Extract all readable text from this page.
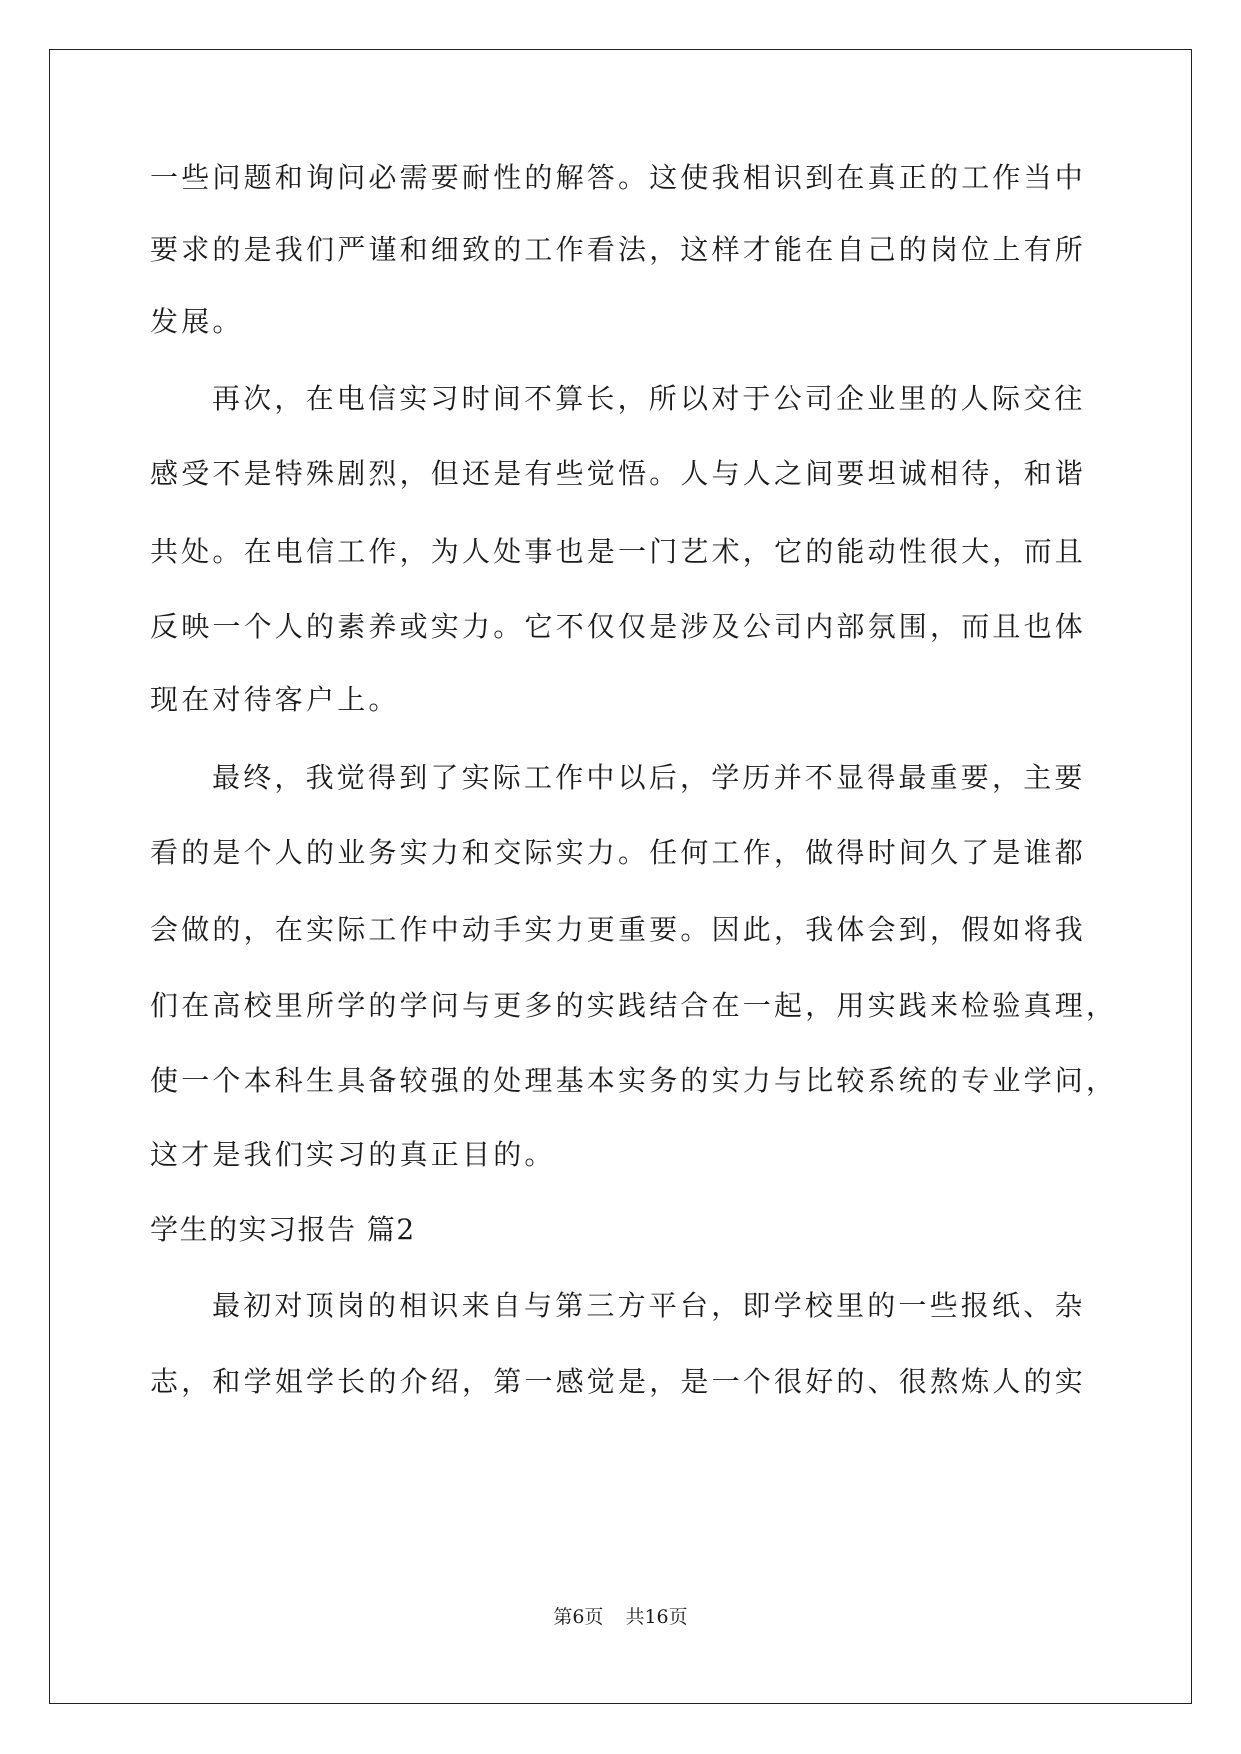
一些问题和询问必需要耐性的解答。这使我相识到在真正的工作当中
要求的是我们严谨和细致的工作看法，这样才能在自己的岗位上有所
发展。
再次，在电信实习时间不算长，所以对于公司企业里的人际交往
感受不是特殊剧烈，但还是有些觉悟。人与人之间要坦诚相待，和谐
共处。在电信工作，为人处事也是一门艺术，它的能动性很大，而且
反映一个人的素养或实力。它不仅仅是涉及公司内部氛围，而且也体
现在对待客户上。
最终，我觉得到了实际工作中以后，学历并不显得最重要，主要
看的是个人的业务实力和交际实力。任何工作，做得时间久了是谁都
会做的，在实际工作中动手实力更重要。因此，我体会到，假如将我
们在高校里所学的学问与更多的实践结合在一起，用实践来检验真理，
使一个本科生具备较强的处理基本实务的实力与比较系统的专业学问，
这才是我们实习的真正目的。
学生的实习报告 篇2
最初对顶岗的相识来自与第三方平台，即学校里的一些报纸、杂
志，和学姐学长的介绍，第一感觉是，是一个很好的、很熬炼人的实
第6页 共16页
